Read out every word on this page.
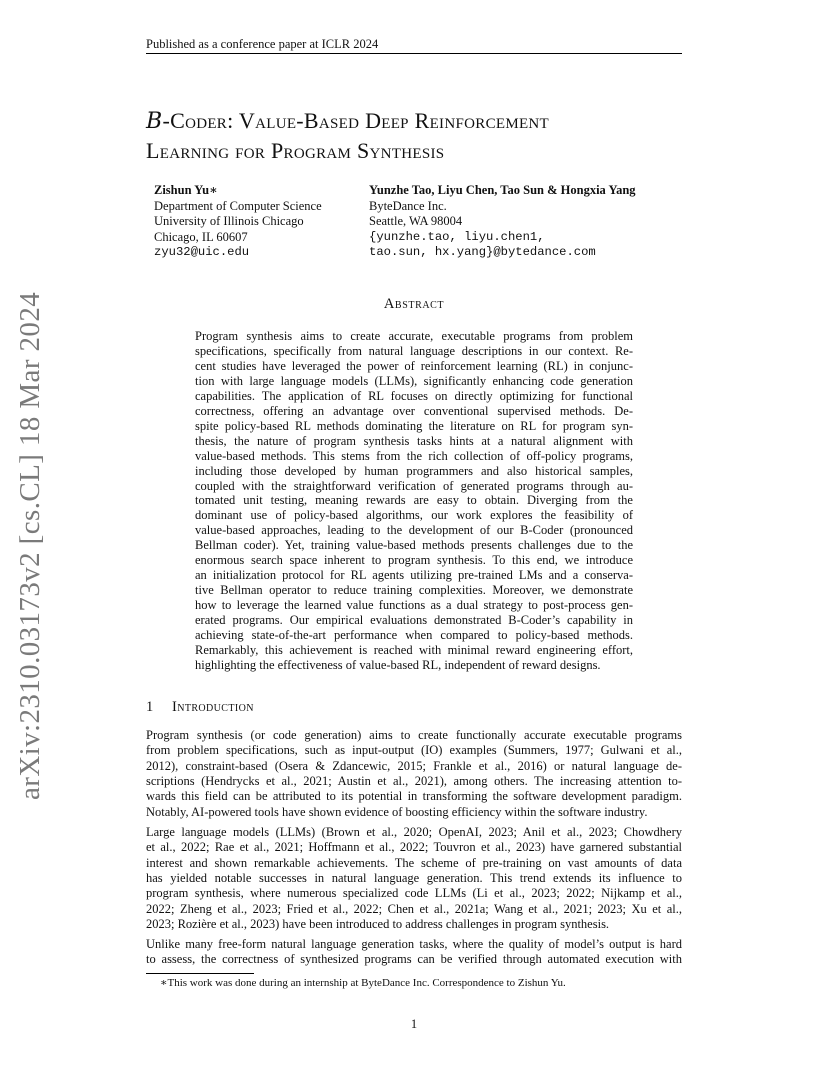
Published as a conference paper at ICLR 2024
arXiv:2310.03173v2 [cs.CL] 18 Mar 2024
B-Coder: Value-Based Deep Reinforcement
Learning for Program Synthesis
Zishun Yu∗
Department of Computer Science
University of Illinois Chicago
Chicago, IL 60607
zyu32@uic.edu
Yunzhe Tao, Liyu Chen, Tao Sun & Hongxia Yang
ByteDance Inc.
Seattle, WA 98004
{yunzhe.tao, liyu.chen1,
tao.sun, hx.yang}@bytedance.com
Abstract
Program synthesis aims to create accurate, executable programs from problem
specifications, specifically from natural language descriptions in our context. Re-
cent studies have leveraged the power of reinforcement learning (RL) in conjunc-
tion with large language models (LLMs), significantly enhancing code generation
capabilities. The application of RL focuses on directly optimizing for functional
correctness, offering an advantage over conventional supervised methods. De-
spite policy-based RL methods dominating the literature on RL for program syn-
thesis, the nature of program synthesis tasks hints at a natural alignment with
value-based methods. This stems from the rich collection of off-policy programs,
including those developed by human programmers and also historical samples,
coupled with the straightforward verification of generated programs through au-
tomated unit testing, meaning rewards are easy to obtain. Diverging from the
dominant use of policy-based algorithms, our work explores the feasibility of
value-based approaches, leading to the development of our B-Coder (pronounced
Bellman coder). Yet, training value-based methods presents challenges due to the
enormous search space inherent to program synthesis. To this end, we introduce
an initialization protocol for RL agents utilizing pre-trained LMs and a conserva-
tive Bellman operator to reduce training complexities. Moreover, we demonstrate
how to leverage the learned value functions as a dual strategy to post-process gen-
erated programs. Our empirical evaluations demonstrated B-Coder’s capability in
achieving state-of-the-art performance when compared to policy-based methods.
Remarkably, this achievement is reached with minimal reward engineering effort,
highlighting the effectiveness of value-based RL, independent of reward designs.
1 Introduction
Program synthesis (or code generation) aims to create functionally accurate executable programs
from problem specifications, such as input-output (IO) examples (Summers, 1977; Gulwani et al.,
2012), constraint-based (Osera & Zdancewic, 2015; Frankle et al., 2016) or natural language de-
scriptions (Hendrycks et al., 2021; Austin et al., 2021), among others. The increasing attention to-
wards this field can be attributed to its potential in transforming the software development paradigm.
Notably, AI-powered tools have shown evidence of boosting efficiency within the software industry.
Large language models (LLMs) (Brown et al., 2020; OpenAI, 2023; Anil et al., 2023; Chowdhery
et al., 2022; Rae et al., 2021; Hoffmann et al., 2022; Touvron et al., 2023) have garnered substantial
interest and shown remarkable achievements. The scheme of pre-training on vast amounts of data
has yielded notable successes in natural language generation. This trend extends its influence to
program synthesis, where numerous specialized code LLMs (Li et al., 2023; 2022; Nijkamp et al.,
2022; Zheng et al., 2023; Fried et al., 2022; Chen et al., 2021a; Wang et al., 2021; 2023; Xu et al.,
2023; Rozière et al., 2023) have been introduced to address challenges in program synthesis.
Unlike many free-form natural language generation tasks, where the quality of model’s output is hard
to assess, the correctness of synthesized programs can be verified through automated execution with
∗This work was done during an internship at ByteDance Inc. Correspondence to Zishun Yu.
1
